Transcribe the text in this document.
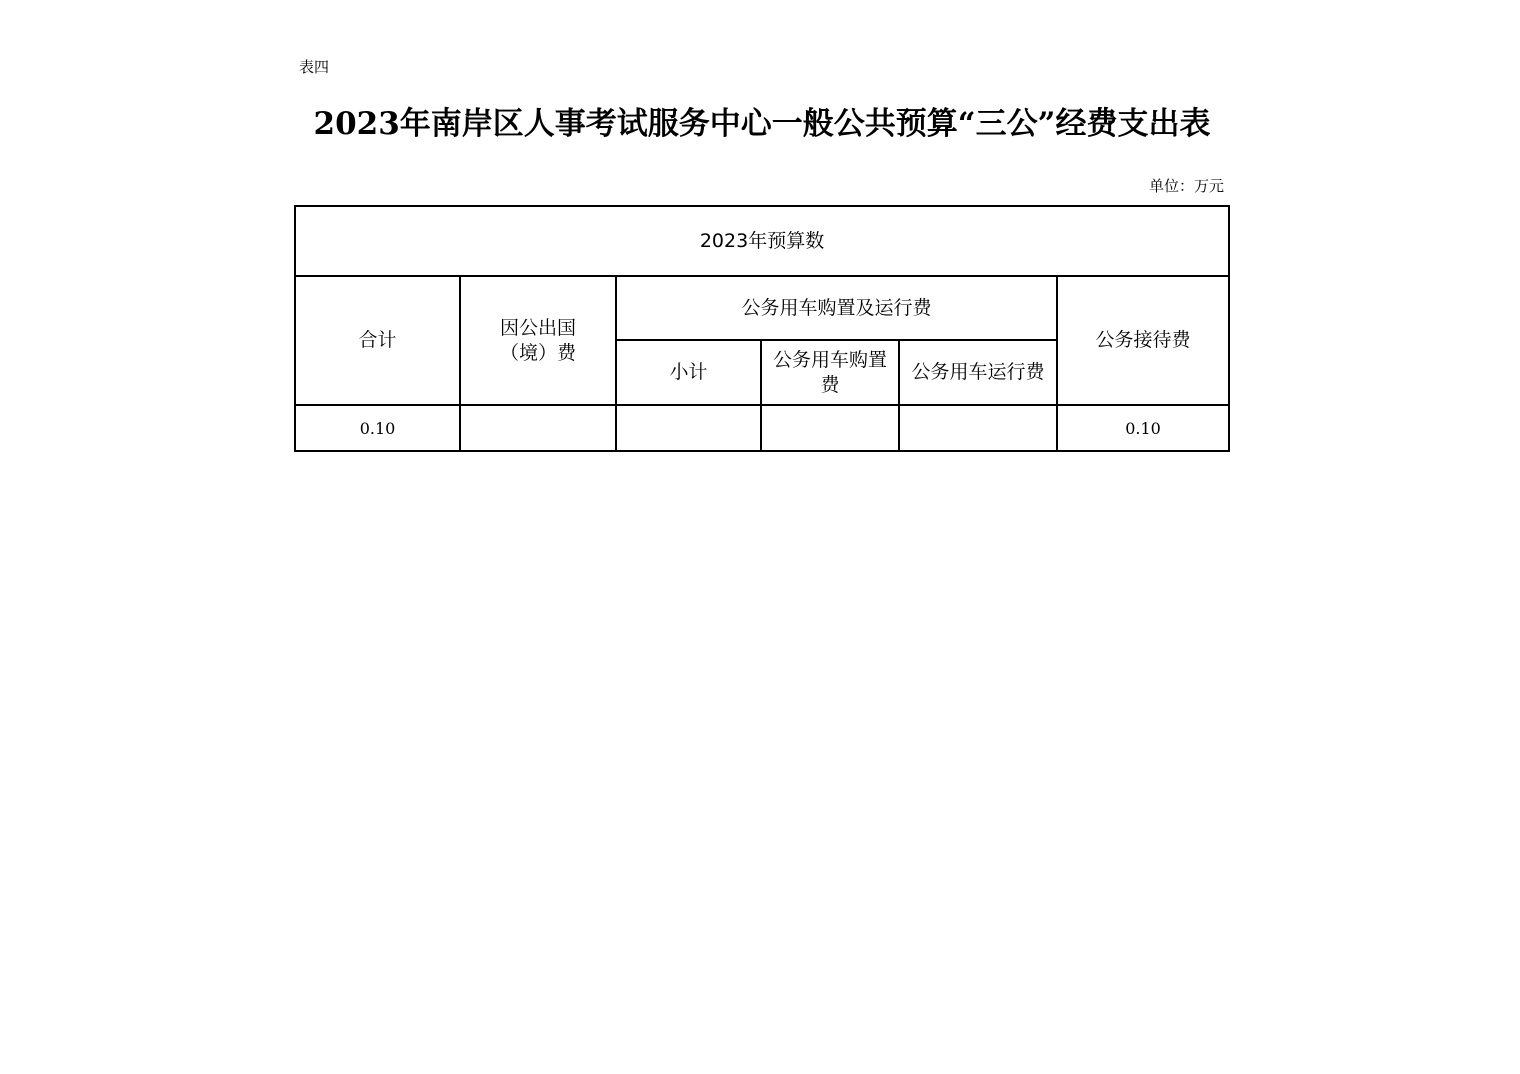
表四
2023年南岸区人事考试服务中心一般公共预算“三公”经费支出表
单位：万元
2023年预算数					
合计	因公出国（境）费	公务用车购置及运行费			公务接待费
		小计	公务用车购置费	公务用车运行费	
0.10					0.10
